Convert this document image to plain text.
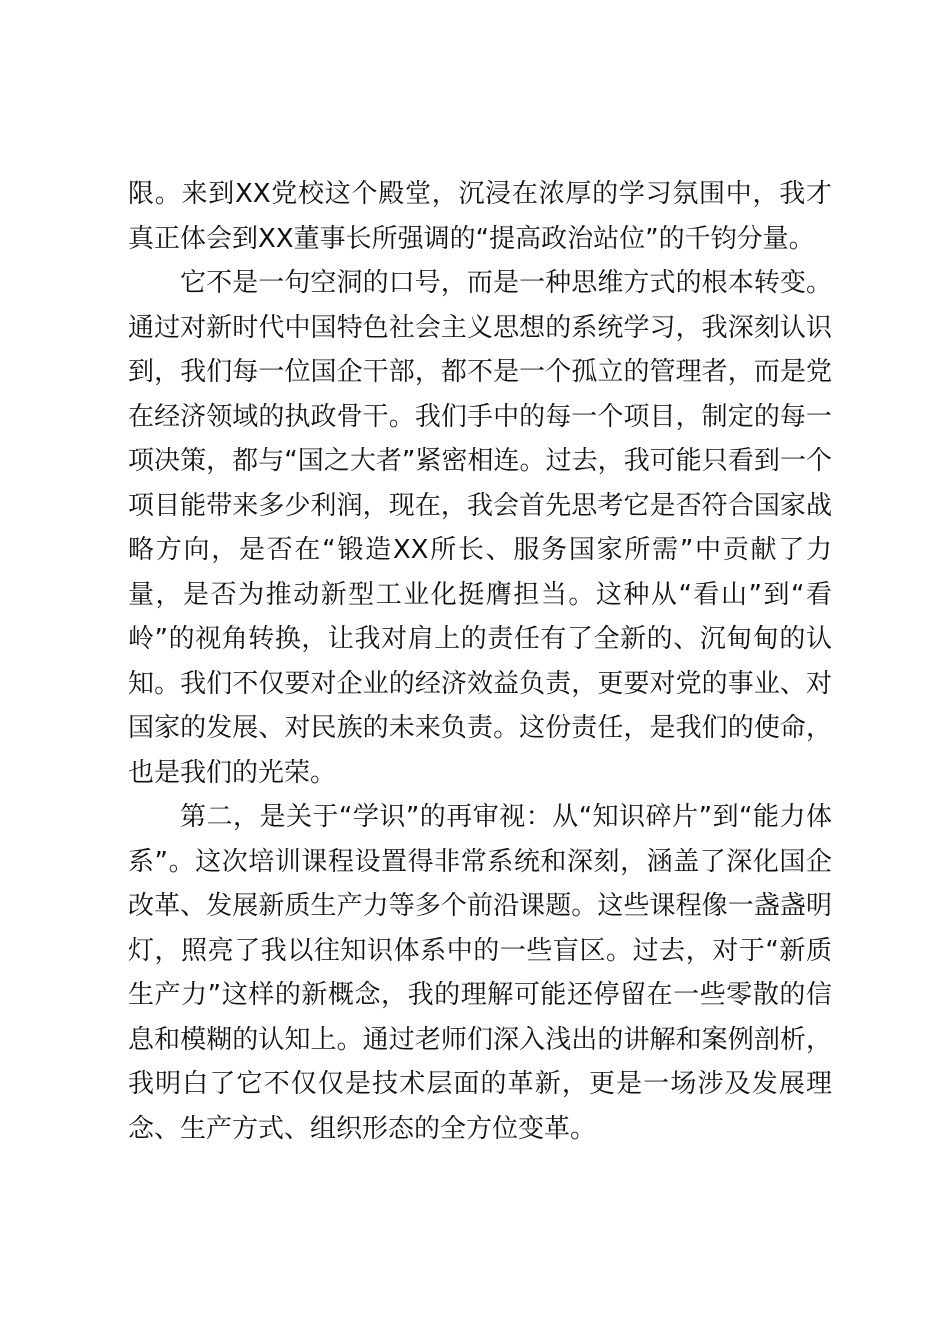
限。来到XX党校这个殿堂，沉浸在浓厚的学习氛围中，我才真正体会到XX董事长所强调的“提高政治站位”的千钧分量。

它不是一句空洞的口号，而是一种思维方式的根本转变。通过对新时代中国特色社会主义思想的系统学习，我深刻认识到，我们每一位国企干部，都不是一个孤立的管理者，而是党在经济领域的执政骨干。我们手中的每一个项目，制定的每一项决策，都与“国之大者”紧密相连。过去，我可能只看到一个项目能带来多少利润，现在，我会首先思考它是否符合国家战略方向，是否在“锻造XX所长、服务国家所需”中贡献了力量，是否为推动新型工业化挺膺担当。这种从“看山”到“看岭”的视角转换，让我对肩上的责任有了全新的、沉甸甸的认知。我们不仅要对企业的经济效益负责，更要对党的事业、对国家的发展、对民族的未来负责。这份责任，是我们的使命，也是我们的光荣。

第二，是关于“学识”的再审视：从“知识碎片”到“能力体系”。这次培训课程设置得非常系统和深刻，涵盖了深化国企改革、发展新质生产力等多个前沿课题。这些课程像一盏盏明灯，照亮了我以往知识体系中的一些盲区。过去，对于“新质生产力”这样的新概念，我的理解可能还停留在一些零散的信息和模糊的认知上。通过老师们深入浅出的讲解和案例剖析，我明白了它不仅仅是技术层面的革新，更是一场涉及发展理念、生产方式、组织形态的全方位变革。
